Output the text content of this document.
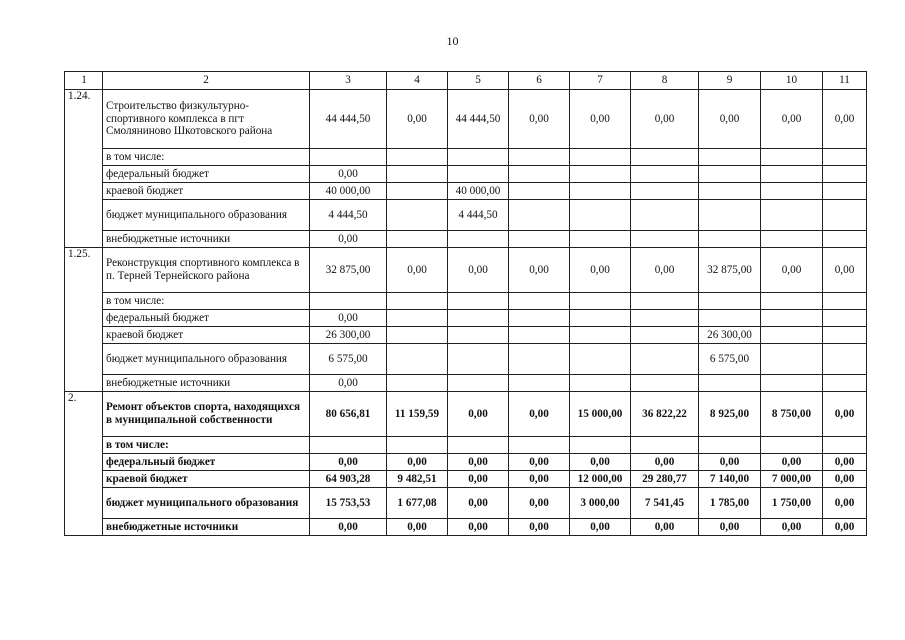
10
1	2	3	4	5	6	7	8	9	10	11
1.24.	Строительство физкультурно-спортивного комплекса в пгт Смоляниново Шкотовского района	44 444,50	0,00	44 444,50	0,00	0,00	0,00	0,00	0,00	0,00
	в том числе:									
	федеральный бюджет	0,00								
	краевой бюджет	40 000,00		40 000,00						
	бюджет муниципального образования	4 444,50		4 444,50						
	внебюджетные источники	0,00								
1.25.	Реконструкция спортивного комплекса в п. Терней Тернейского района	32 875,00	0,00	0,00	0,00	0,00	0,00	32 875,00	0,00	0,00
	в том числе:									
	федеральный бюджет	0,00								
	краевой бюджет	26 300,00						26 300,00		
	бюджет муниципального образования	6 575,00						6 575,00		
	внебюджетные источники	0,00								
2.	Ремонт объектов спорта, находящихся в муниципальной собственности	80 656,81	11 159,59	0,00	0,00	15 000,00	36 822,22	8 925,00	8 750,00	0,00
	в том числе:									
	федеральный бюджет	0,00	0,00	0,00	0,00	0,00	0,00	0,00	0,00	0,00
	краевой бюджет	64 903,28	9 482,51	0,00	0,00	12 000,00	29 280,77	7 140,00	7 000,00	0,00
	бюджет муниципального образования	15 753,53	1 677,08	0,00	0,00	3 000,00	7 541,45	1 785,00	1 750,00	0,00
	внебюджетные источники	0,00	0,00	0,00	0,00	0,00	0,00	0,00	0,00	0,00
